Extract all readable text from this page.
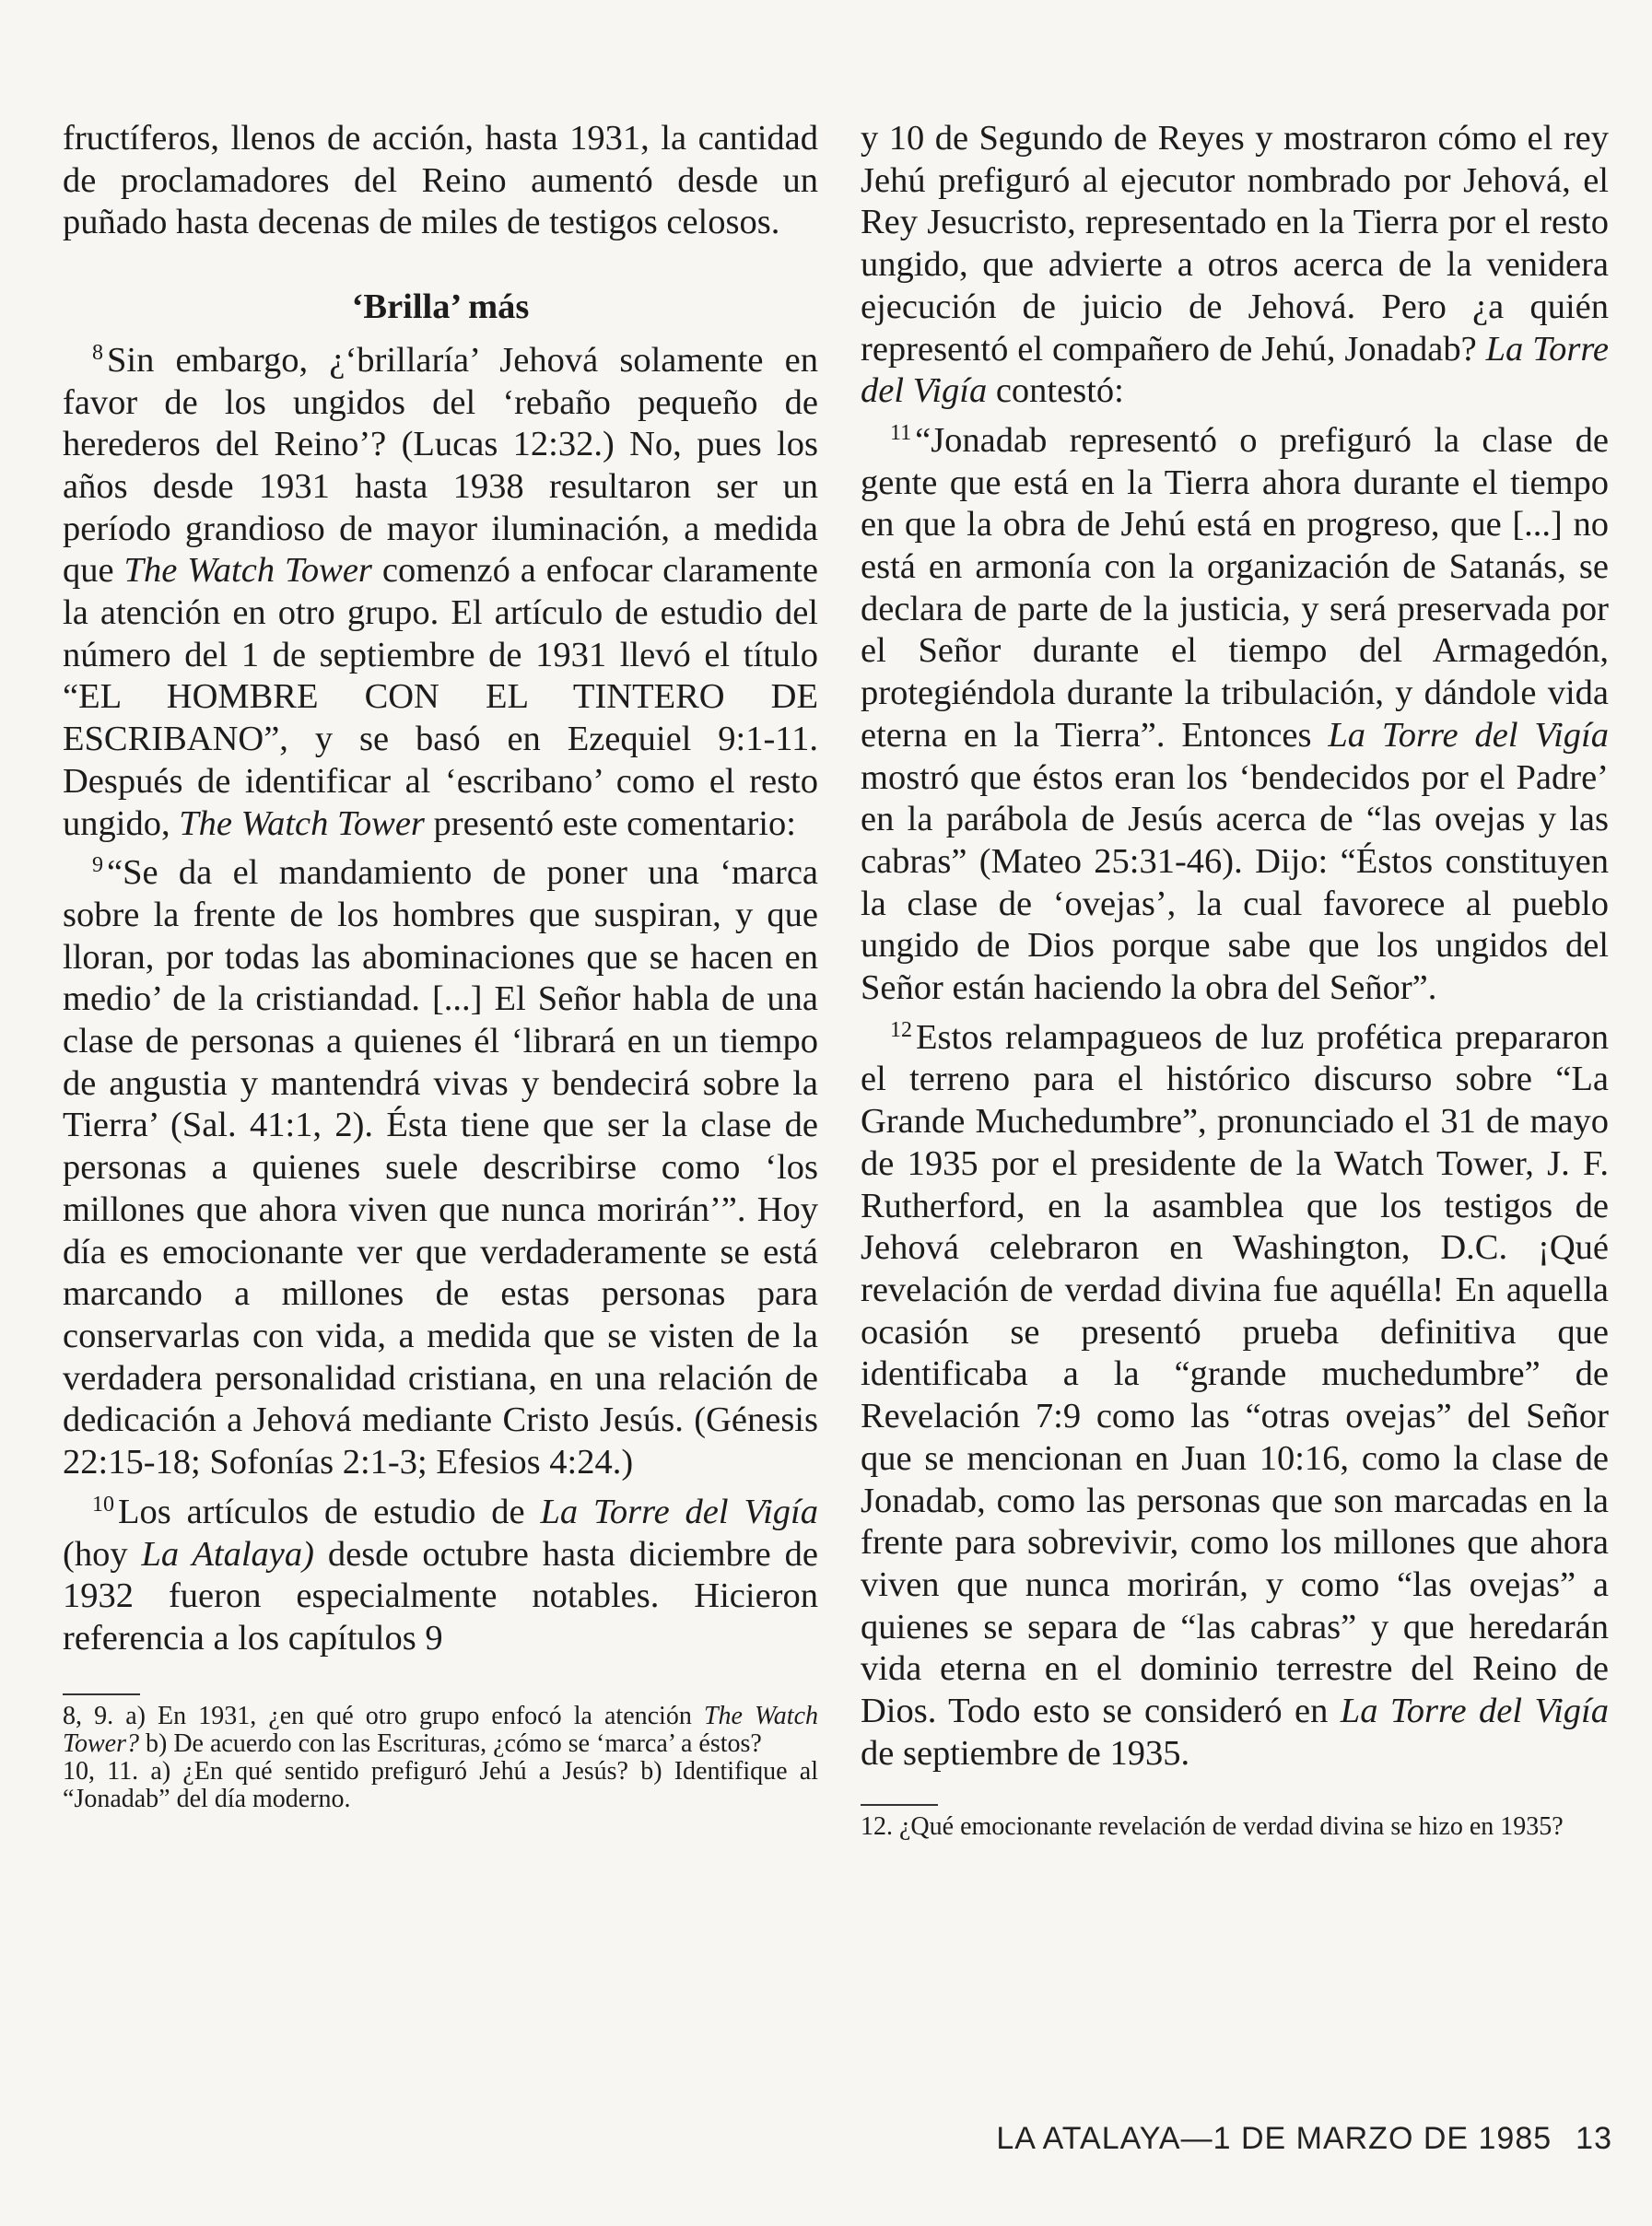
fructíferos, llenos de acción, hasta 1931, la cantidad de proclamadores del Reino aumentó desde un puñado hasta decenas de miles de testigos celosos.

‘Brilla’ más

$^8$ Sin embargo, ¿‘brillaría’ Jehová solamente en favor de los ungidos del ‘rebaño pequeño de herederos del Reino’? (Lucas 12:32.) No, pues los años desde 1931 hasta 1938 resultaron ser un período grandioso de mayor iluminación, a medida que The Watch Tower comenzó a enfocar claramente la atención en otro grupo. El artículo de estudio del número del 1 de septiembre de 1931 llevó el título “EL HOMBRE CON EL TINTERO DE ESCRIBANO”, y se basó en Ezequiel 9:1-11. Después de identificar al ‘escribano’ como el resto ungido, The Watch Tower presentó este comentario:

$^9$ “Se da el mandamiento de poner una ‘marca sobre la frente de los hombres que suspiran, y que lloran, por todas las abominaciones que se hacen en medio’ de la cristiandad. [...] El Señor habla de una clase de personas a quienes él ‘librará en un tiempo de angustia y mantendrá vivas y bendecirá sobre la Tierra’ (Sal. 41:1, 2). Ésta tiene que ser la clase de personas a quienes suele describirse como ‘los millones que ahora viven que nunca morirán’”. Hoy día es emocionante ver que verdaderamente se está marcando a millones de estas personas para conservarlas con vida, a medida que se visten de la verdadera personalidad cristiana, en una relación de dedicación a Jehová mediante Cristo Jesús. (Génesis 22:15-18; Sofonías 2:1-3; Efesios 4:24.)

$^{10}$ Los artículos de estudio de La Torre del Vigía (hoy La Atalaya) desde octubre hasta diciembre de 1932 fueron especialmente notables. Hicieron referencia a los capítulos 9

8, 9. a) En 1931, ¿en qué otro grupo enfocó la atención The Watch Tower? b) De acuerdo con las Escrituras, ¿cómo se ‘marca’ a éstos?

10, 11. a) ¿En qué sentido prefiguró Jehú a Jesús? b) Identifique al “Jonadab” del día moderno.

y 10 de Segundo de Reyes y mostraron cómo el rey Jehú prefiguró al ejecutor nombrado por Jehová, el Rey Jesucristo, representado en la Tierra por el resto ungido, que advierte a otros acerca de la venidera ejecución de juicio de Jehová. Pero ¿a quién representó el compañero de Jehú, Jonadab? La Torre del Vigía contestó:

$^{11}$ “Jonadab representó o prefiguró la clase de gente que está en la Tierra ahora durante el tiempo en que la obra de Jehú está en progreso, que [...] no está en armonía con la organización de Satanás, se declara de parte de la justicia, y será preservada por el Señor durante el tiempo del Armagedón, protegiéndola durante la tribulación, y dándole vida eterna en la Tierra”. Entonces La Torre del Vigía mostró que éstos eran los ‘bendecidos por el Padre’ en la parábola de Jesús acerca de “las ovejas y las cabras” (Mateo 25:31-46). Dijo: “Éstos constituyen la clase de ‘ovejas’, la cual favorece al pueblo ungido de Dios porque sabe que los ungidos del Señor están haciendo la obra del Señor”.

$^{12}$ Estos relampagueos de luz profética prepararon el terreno para el histórico discurso sobre “La Grande Muchedumbre”, pronunciado el 31 de mayo de 1935 por el presidente de la Watch Tower, J. F. Rutherford, en la asamblea que los testigos de Jehová celebraron en Washington, D.C. ¡Qué revelación de verdad divina fue aquélla! En aquella ocasión se presentó prueba definitiva que identificaba a la “grande muchedumbre” de Revelación 7:9 como las “otras ovejas” del Señor que se mencionan en Juan 10:16, como la clase de Jonadab, como las personas que son marcadas en la frente para sobrevivir, como los millones que ahora viven que nunca morirán, y como “las ovejas” a quienes se separa de “las cabras” y que heredarán vida eterna en el dominio terrestre del Reino de Dios. Todo esto se consideró en La Torre del Vigía de septiembre de 1935.

12. ¿Qué emocionante revelación de verdad divina se hizo en 1935?

LA ATALAYA—1 DE MARZO DE 1985 13
